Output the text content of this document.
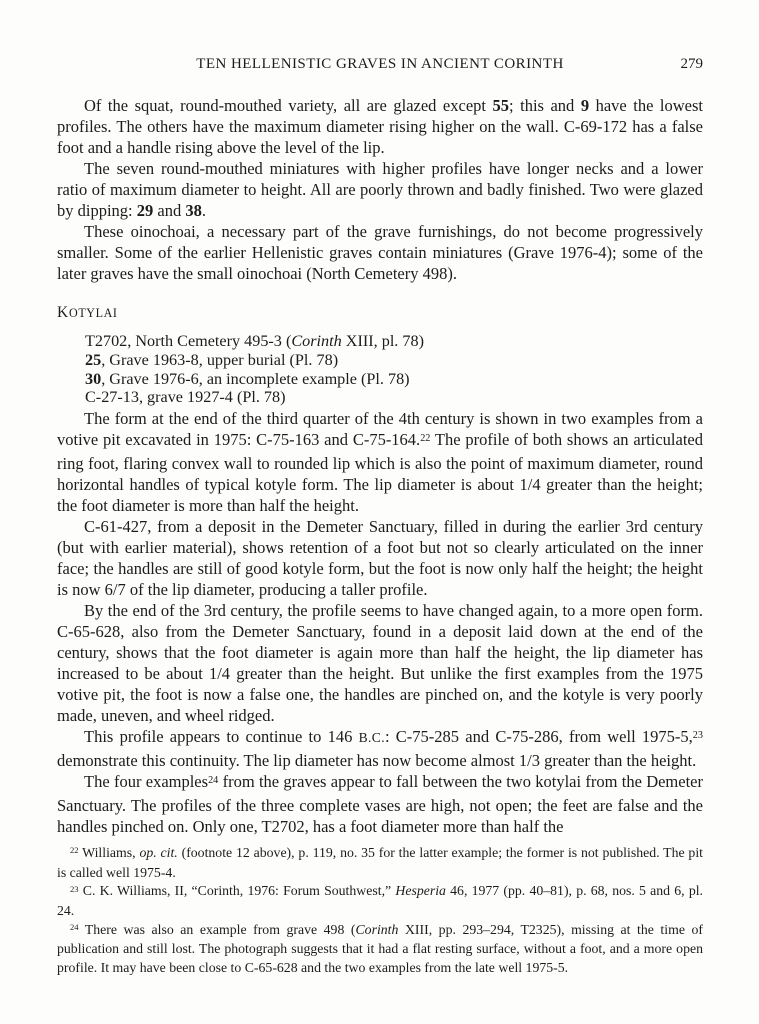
TEN HELLENISTIC GRAVES IN ANCIENT CORINTH	279

Of the squat, round-mouthed variety, all are glazed except 55; this and 9 have the lowest profiles. The others have the maximum diameter rising higher on the wall. C-69-172 has a false foot and a handle rising above the level of the lip.

The seven round-mouthed miniatures with higher profiles have longer necks and a lower ratio of maximum diameter to height. All are poorly thrown and badly finished. Two were glazed by dipping: 29 and 38.

These oinochoai, a necessary part of the grave furnishings, do not become progressively smaller. Some of the earlier Hellenistic graves contain miniatures (Grave 1976-4); some of the later graves have the small oinochoai (North Cemetery 498).

KOTYLAI

T2702, North Cemetery 495-3 (Corinth XIII, pl. 78)

25, Grave 1963-8, upper burial (Pl. 78)

30, Grave 1976-6, an incomplete example (Pl. 78)

C-27-13, grave 1927-4 (Pl. 78)

The form at the end of the third quarter of the 4th century is shown in two examples from a votive pit excavated in 1975: C-75-163 and C-75-164.22 The profile of both shows an articulated ring foot, flaring convex wall to rounded lip which is also the point of maximum diameter, round horizontal handles of typical kotyle form. The lip diameter is about 1/4 greater than the height; the foot diameter is more than half the height.

C-61-427, from a deposit in the Demeter Sanctuary, filled in during the earlier 3rd century (but with earlier material), shows retention of a foot but not so clearly articulated on the inner face; the handles are still of good kotyle form, but the foot is now only half the height; the height is now 6/7 of the lip diameter, producing a taller profile.

By the end of the 3rd century, the profile seems to have changed again, to a more open form. C-65-628, also from the Demeter Sanctuary, found in a deposit laid down at the end of the century, shows that the foot diameter is again more than half the height, the lip diameter has increased to be about 1/4 greater than the height. But unlike the first examples from the 1975 votive pit, the foot is now a false one, the handles are pinched on, and the kotyle is very poorly made, uneven, and wheel ridged.

This profile appears to continue to 146 B.C.: C-75-285 and C-75-286, from well 1975-5,23 demonstrate this continuity. The lip diameter has now become almost 1/3 greater than the height.

The four examples$^{24}$ from the graves appear to fall between the two kotylai from the Demeter Sanctuary. The profiles of the three complete vases are high, not open; the feet are false and the handles pinched on. Only one, T2702, has a foot diameter more than half the

$^{22}$ Williams, op. cit. (footnote 12 above), p. 119, no. 35 for the latter example; the former is not published. The pit is called well 1975-4.

$^{23}$ C. K. Williams, II, “Corinth, 1976: Forum Southwest,” Hesperia 46, 1977 (pp. 40–81), p. 68, nos. 5 and 6, pl. 24.

$^{24}$ There was also an example from grave 498 (Corinth XIII, pp. 293–294, T2325), missing at the time of publication and still lost. The photograph suggests that it had a flat resting surface, without a foot, and a more open profile. It may have been close to C-65-628 and the two examples from the late well 1975-5.
